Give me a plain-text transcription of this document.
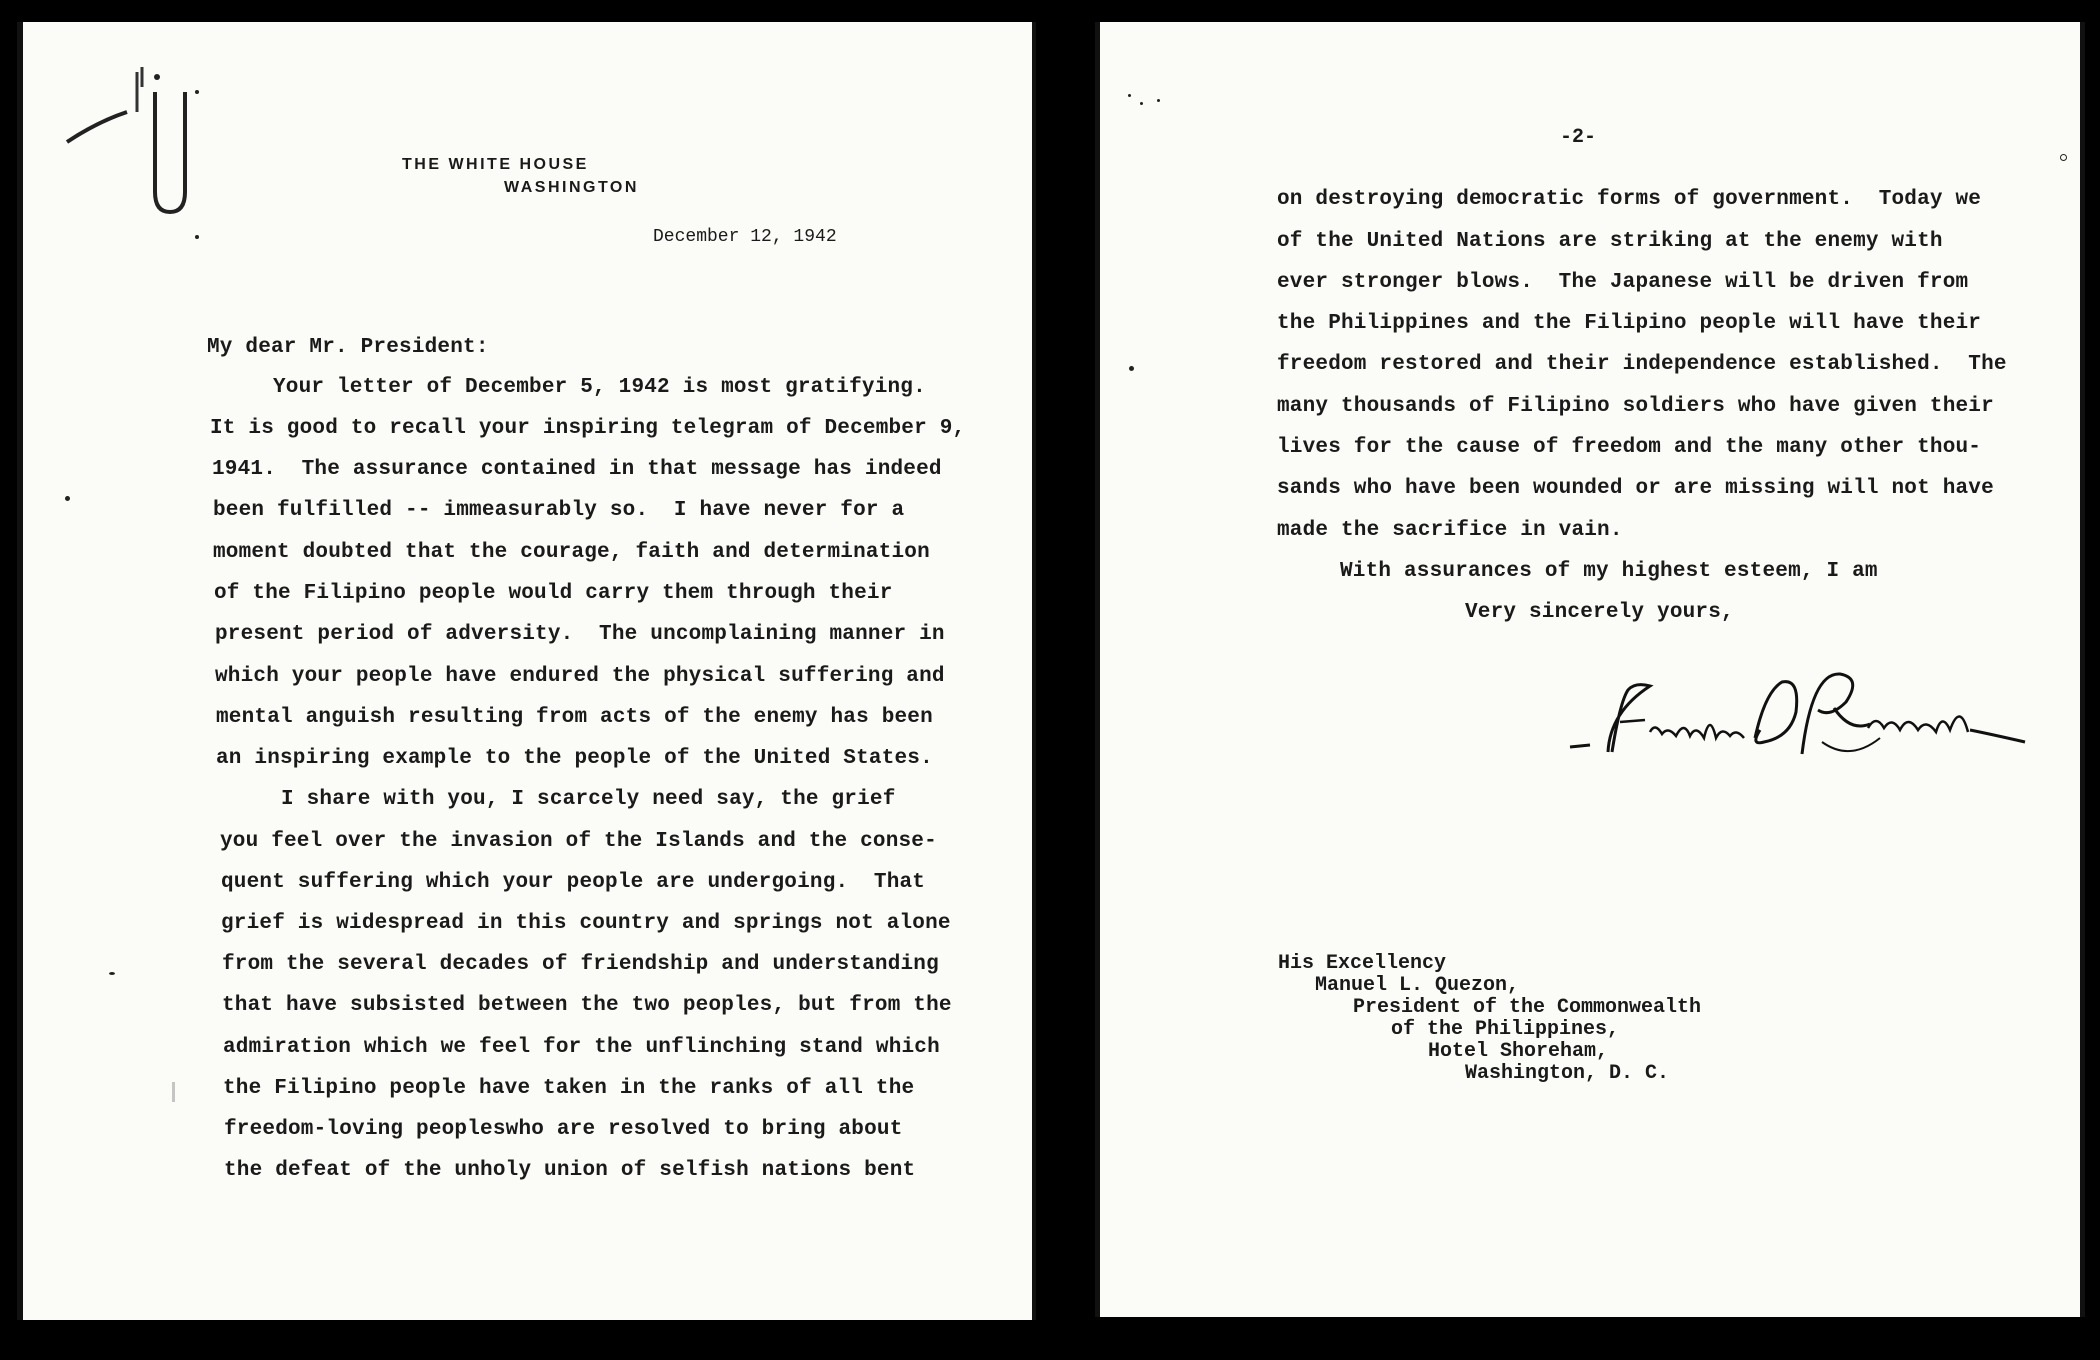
THE WHITE HOUSE

WASHINGTON

December 12, 1942

My dear Mr. President:

Your letter of December 5, 1942 is most gratifying.

It is good to recall your inspiring telegram of December 9,

1941.  The assurance contained in that message has indeed

been fulfilled -- immeasurably so.  I have never for a

moment doubted that the courage, faith and determination

of the Filipino people would carry them through their

present period of adversity.  The uncomplaining manner in

which your people have endured the physical suffering and

mental anguish resulting from acts of the enemy has been

an inspiring example to the people of the United States.

I share with you, I scarcely need say, the grief

you feel over the invasion of the Islands and the conse-

quent suffering which your people are undergoing.  That

grief is widespread in this country and springs not alone

from the several decades of friendship and understanding

that have subsisted between the two peoples, but from the

admiration which we feel for the unflinching stand which

the Filipino people have taken in the ranks of all the

freedom-loving peopleswho are resolved to bring about

the defeat of the unholy union of selfish nations bent

-2-

on destroying democratic forms of government.  Today we

of the United Nations are striking at the enemy with

ever stronger blows.  The Japanese will be driven from

the Philippines and the Filipino people will have their

freedom restored and their independence established.  The

many thousands of Filipino soldiers who have given their

lives for the cause of freedom and the many other thou-

sands who have been wounded or are missing will not have

made the sacrifice in vain.

With assurances of my highest esteem, I am

Very sincerely yours,

His Excellency

Manuel L. Quezon,

President of the Commonwealth

of the Philippines,

Hotel Shoreham,

Washington, D. C.
